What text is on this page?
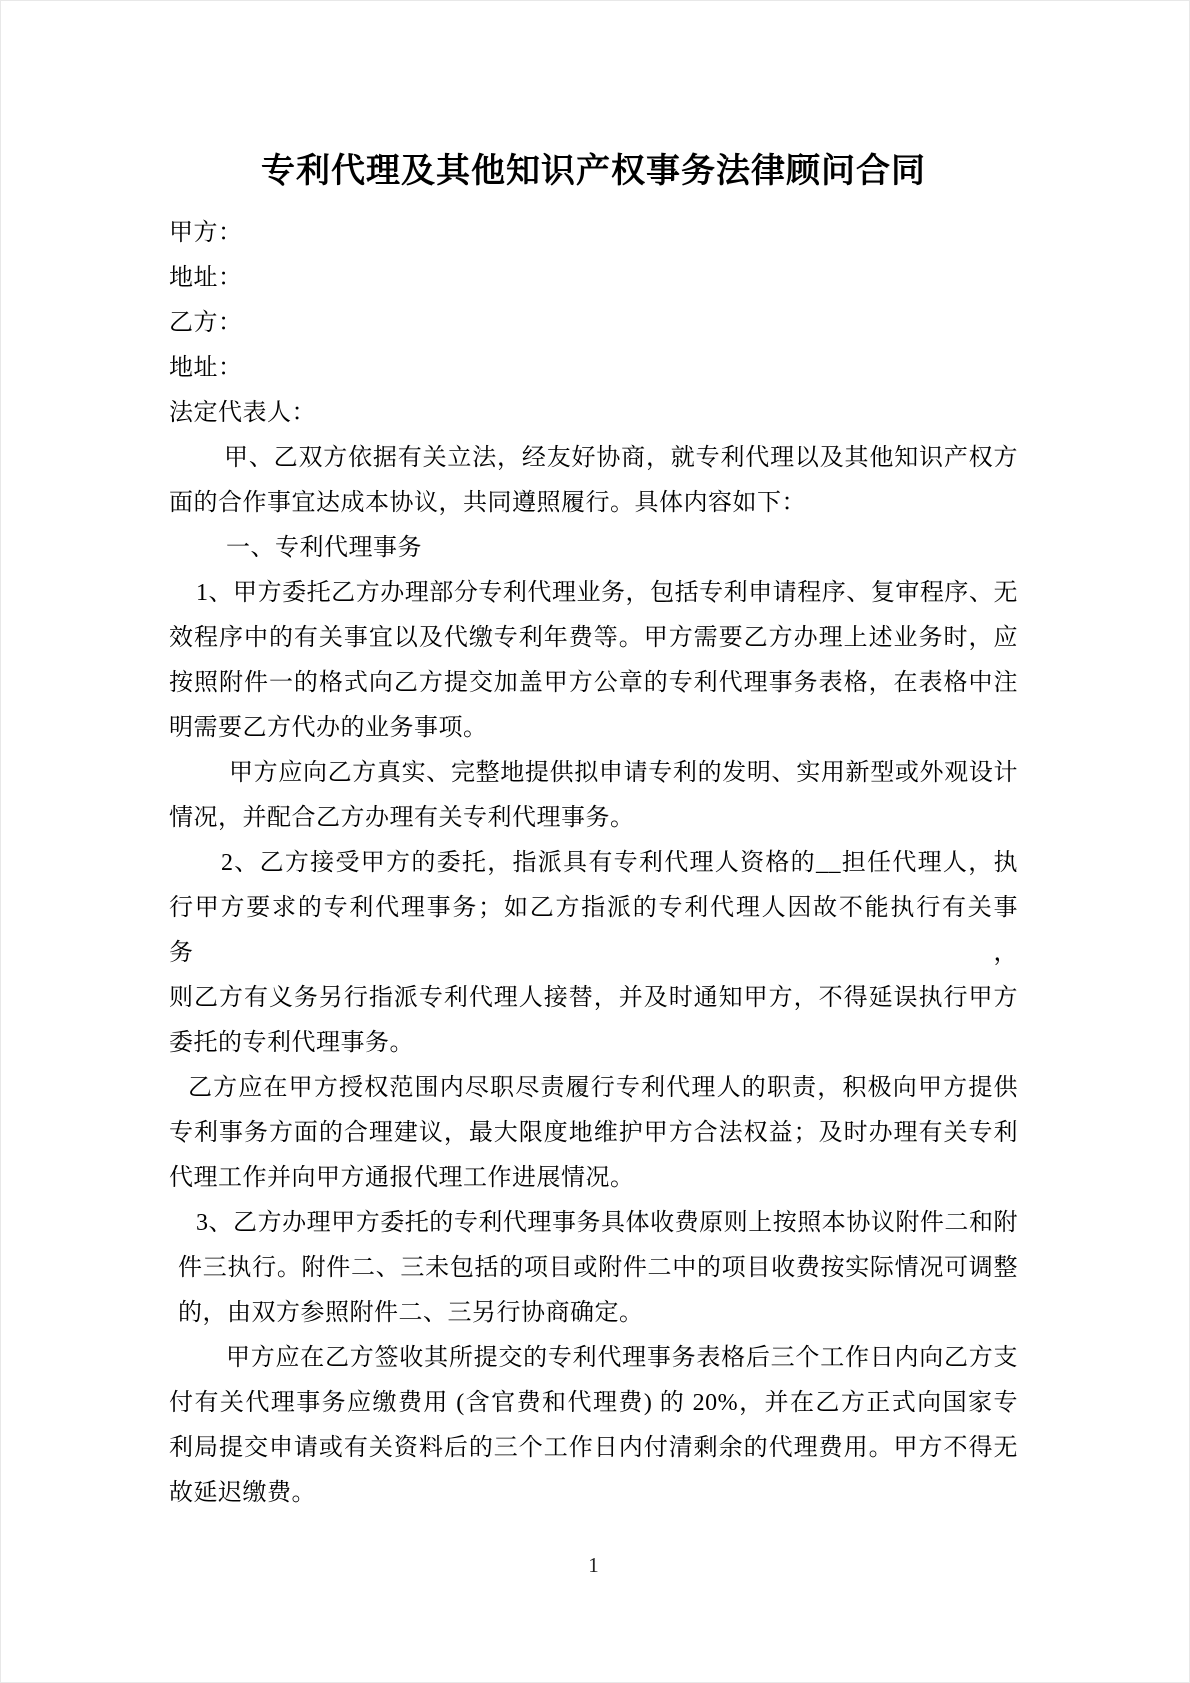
专利代理及其他知识产权事务法律顾问合同
甲方：
地址：
乙方：
地址：
法定代表人：
甲、乙双方依据有关立法，经友好协商，就专利代理以及其他知识产权方
面的合作事宜达成本协议，共同遵照履行。具体内容如下：
一、专利代理事务
1、甲方委托乙方办理部分专利代理业务，包括专利申请程序、复审程序、无
效程序中的有关事宜以及代缴专利年费等。甲方需要乙方办理上述业务时，应
按照附件一的格式向乙方提交加盖甲方公章的专利代理事务表格，在表格中注
明需要乙方代办的业务事项。
甲方应向乙方真实、完整地提供拟申请专利的发明、实用新型或外观设计
情况，并配合乙方办理有关专利代理事务。
2、乙方接受甲方的委托，指派具有专利代理人资格的__担任代理人，执
行甲方要求的专利代理事务；如乙方指派的专利代理人因故不能执行有关事务，
则乙方有义务另行指派专利代理人接替，并及时通知甲方，不得延误执行甲方
委托的专利代理事务。
乙方应在甲方授权范围内尽职尽责履行专利代理人的职责，积极向甲方提供
专利事务方面的合理建议，最大限度地维护甲方合法权益；及时办理有关专利
代理工作并向甲方通报代理工作进展情况。
3、乙方办理甲方委托的专利代理事务具体收费原则上按照本协议附件二和附
件三执行。附件二、三未包括的项目或附件二中的项目收费按实际情况可调整
的，由双方参照附件二、三另行协商确定。
甲方应在乙方签收其所提交的专利代理事务表格后三个工作日内向乙方支
付有关代理事务应缴费用 (含官费和代理费) 的 20%，并在乙方正式向国家专
利局提交申请或有关资料后的三个工作日内付清剩余的代理费用。甲方不得无
故延迟缴费。
1
